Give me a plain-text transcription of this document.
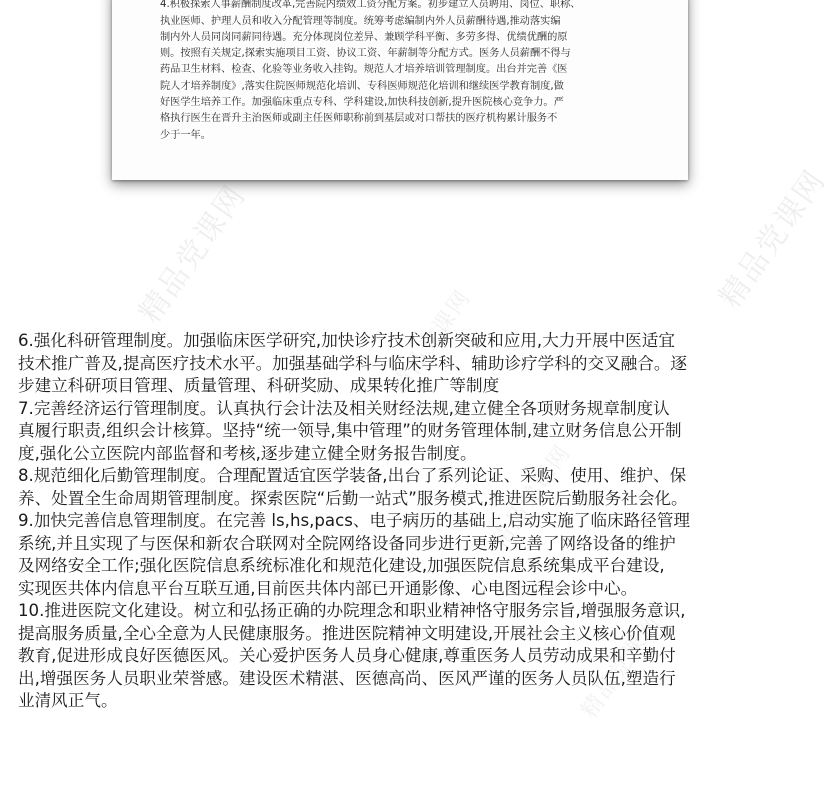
4.积极探索人事薪酬制度改革,完善院内绩效工资分配方案。初步建立人员聘用、岗位、职称、
执业医师、护理人员和收入分配管理等制度。统筹考虑编制内外人员薪酬待遇,推动落实编
制内外人员同岗同薪同待遇。充分体现岗位差异、兼顾学科平衡、多劳多得、优绩优酬的原
则。按照有关规定,探索实施项目工资、协议工资、年薪制等分配方式。医务人员薪酬不得与
药品卫生材料、检查、化验等业务收入挂钩。规范人才培养培训管理制度。出台并完善《医
院人才培养制度》,落实住院医师规范化培训、专科医师规范化培训和继续医学教育制度,做
好医学生培养工作。加强临床重点专科、学科建设,加快科技创新,提升医院核心竞争力。严
格执行医生在晋升主治医师或副主任医师职称前到基层或对口帮扶的医疗机构累计服务不
少于一年。
精品党课网	精品党课网
精品党课网
精品党课网
精品党课网
6.强化科研管理制度。加强临床医学研究,加快诊疗技术创新突破和应用,大力开展中医适宜
技术推广普及,提高医疗技术水平。加强基础学科与临床学科、辅助诊疗学科的交叉融合。逐
步建立科研项目管理、质量管理、科研奖励、成果转化推广等制度
7.完善经济运行管理制度。认真执行会计法及相关财经法规,建立健全各项财务规章制度认
真履行职责,组织会计核算。坚持“统一领导,集中管理”的财务管理体制,建立财务信息公开制
度,强化公立医院内部监督和考核,逐步建立健全财务报告制度。
8.规范细化后勤管理制度。合理配置适宜医学装备,出台了系列论证、采购、使用、维护、保
养、处置全生命周期管理制度。探索医院“后勤一站式”服务模式,推进医院后勤服务社会化。
9.加快完善信息管理制度。在完善 ls,hs,pacs、电子病历的基础上,启动实施了临床路径管理
系统,并且实现了与医保和新农合联网对全院网络设备同步进行更新,完善了网络设备的维护
及网络安全工作;强化医院信息系统标准化和规范化建设,加强医院信息系统集成平台建设,
实现医共体内信息平台互联互通,目前医共体内部已开通影像、心电图远程会诊中心。
10.推进医院文化建设。树立和弘扬正确的办院理念和职业精神恪守服务宗旨,增强服务意识,
提高服务质量,全心全意为人民健康服务。推进医院精神文明建设,开展社会主义核心价值观
教育,促进形成良好医德医风。关心爱护医务人员身心健康,尊重医务人员劳动成果和辛勤付
出,增强医务人员职业荣誉感。建设医术精湛、医德高尚、医风严谨的医务人员队伍,塑造行
业清风正气。
